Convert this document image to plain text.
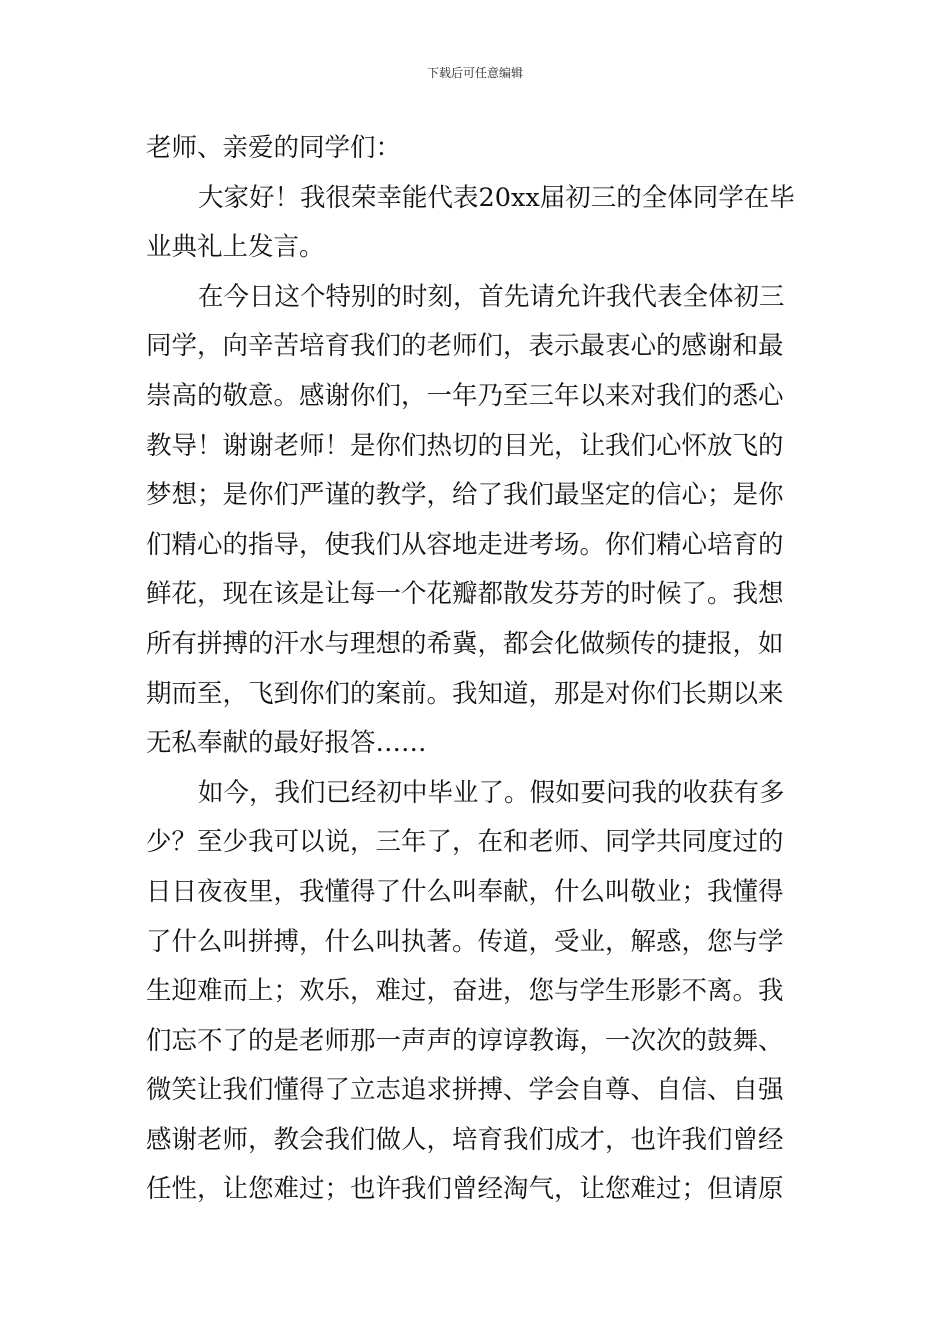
下载后可任意编辑
老师、亲爱的同学们：
大家好！我很荣幸能代表20xx届初三的全体同学在毕
业典礼上发言。
在今日这个特别的时刻，首先请允许我代表全体初三
同学，向辛苦培育我们的老师们，表示最衷心的感谢和最
崇高的敬意。感谢你们，一年乃至三年以来对我们的悉心
教导！谢谢老师！是你们热切的目光，让我们心怀放飞的
梦想；是你们严谨的教学，给了我们最坚定的信心；是你
们精心的指导，使我们从容地走进考场。你们精心培育的
鲜花，现在该是让每一个花瓣都散发芬芳的时候了。我想
所有拼搏的汗水与理想的希冀，都会化做频传的捷报，如
期而至，飞到你们的案前。我知道，那是对你们长期以来
无私奉献的最好报答……
如今，我们已经初中毕业了。假如要问我的收获有多
少？至少我可以说，三年了，在和老师、同学共同度过的
日日夜夜里，我懂得了什么叫奉献，什么叫敬业；我懂得
了什么叫拼搏，什么叫执著。传道，受业，解惑，您与学
生迎难而上；欢乐，难过，奋进，您与学生形影不离。我
们忘不了的是老师那一声声的谆谆教诲，一次次的鼓舞、
微笑让我们懂得了立志追求拼搏、学会自尊、自信、自强
感谢老师，教会我们做人，培育我们成才，也许我们曾经
任性，让您难过；也许我们曾经淘气，让您难过；但请原
